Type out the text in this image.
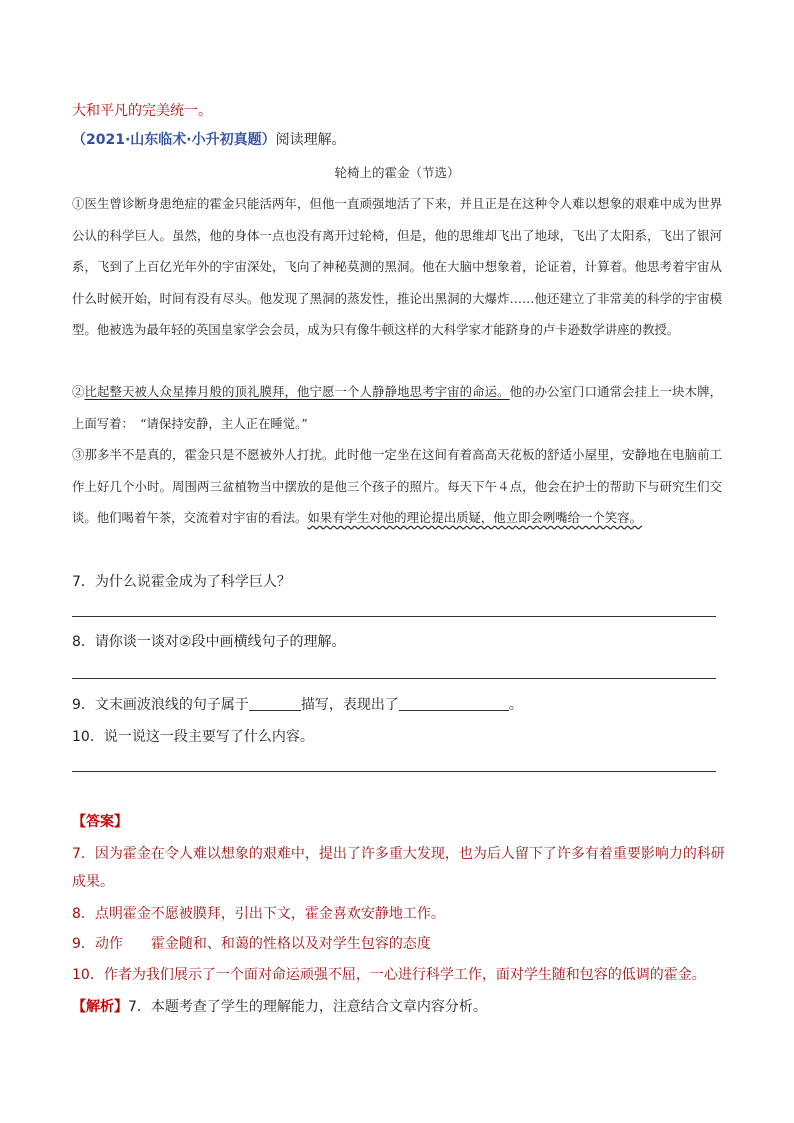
大和平凡的完美统一。
（2021·山东临术·小升初真题）阅读理解。
轮椅上的霍金（节选）

①医生曾诊断身患绝症的霍金只能活两年，但他一直顽强地活了下来，并且正是在这种令人难以想象的艰难中成为世界公认的科学巨人。虽然，他的身体一点也没有离开过轮椅，但是，他的思维却飞出了地球，飞出了太阳系，飞出了银河系，飞到了上百亿光年外的宇宙深处，飞向了神秘莫测的黑洞。他在大脑中想象着，论证着，计算着。他思考着宇宙从什么时候开始，时间有没有尽头。他发现了黑洞的蒸发性，推论出黑洞的大爆炸……他还建立了非常美的科学的宇宙模型。他被选为最年轻的英国皇家学会会员，成为只有像牛顿这样的大科学家才能跻身的卢卡逊数学讲座的教授。

②比起整天被人众星捧月般的顶礼膜拜，他宁愿一个人静静地思考宇宙的命运。他的办公室门口通常会挂上一块木牌，上面写着：　“请保持安静，主人正在睡觉。”

③那多半不是真的，霍金只是不愿被外人打扰。此时他一定坐在这间有着高高天花板的舒适小屋里，安静地在电脑前工作上好几个小时。周围两三盆植物当中摆放的是他三个孩子的照片。每天下午４点，他会在护士的帮助下与研究生们交谈。他们喝着午茶，交流着对宇宙的看法。如果有学生对他的理论提出质疑，他立即会咧嘴给一个笑容。

7．为什么说霍金成为了科学巨人？
8．请你谈一谈对②段中画横线句子的理解。
9．文末画波浪线的句子属于	描写，表现出了	。
10．说一说这一段主要写了什么内容。
【答案】
7．因为霍金在令人难以想象的艰难中，提出了许多重大发现，也为后人留下了许多有着重要影响力的科研
成果。
8．点明霍金不愿被膜拜，引出下文，霍金喜欢安静地工作。
9．动作　　霍金随和、和蔼的性格以及对学生包容的态度
10．作者为我们展示了一个面对命运顽强不屈，一心进行科学工作，面对学生随和包容的低调的霍金。
【解析】7．本题考查了学生的理解能力，注意结合文章内容分析。
